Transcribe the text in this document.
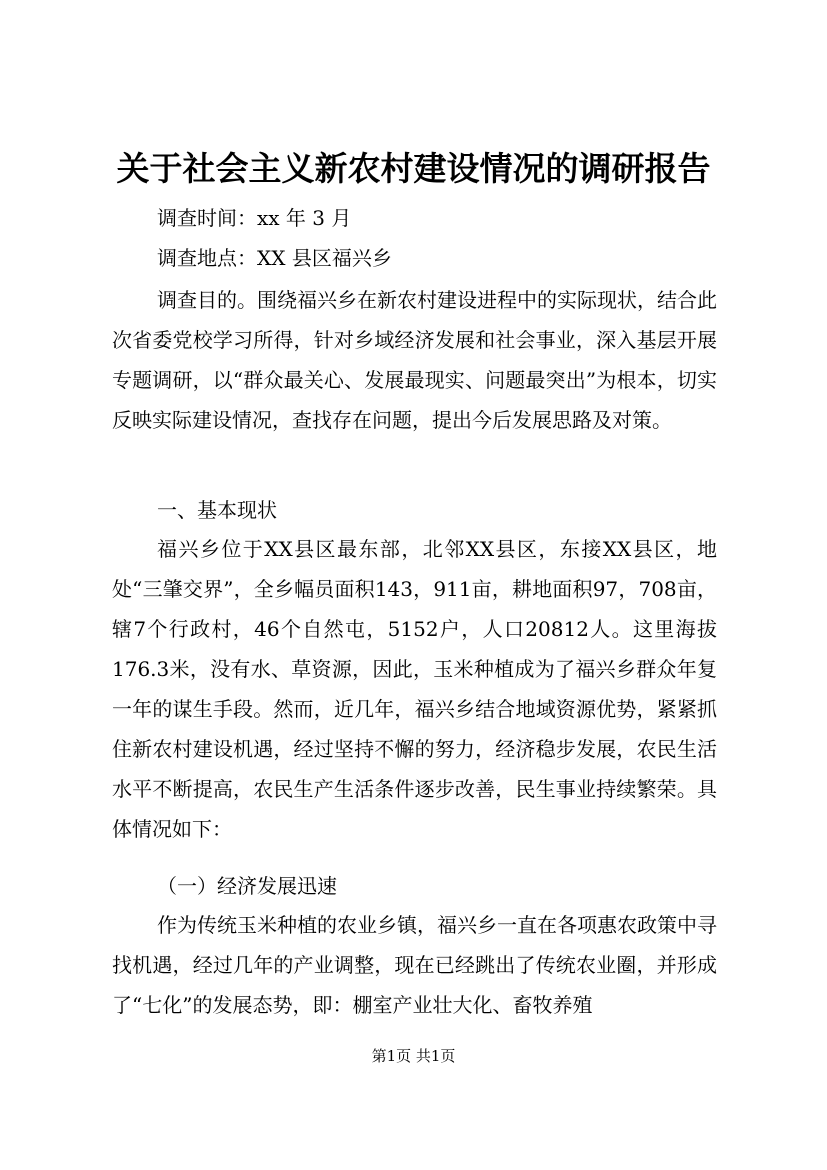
关于社会主义新农村建设情况的调研报告
调查时间：xx 年 3 月
调查地点：XX 县区福兴乡
调查目的。围绕福兴乡在新农村建设进程中的实际现状，结合此次省委党校学习所得，针对乡域经济发展和社会事业，深入基层开展专题调研，以“群众最关心、发展最现实、问题最突出”为根本，切实反映实际建设情况，查找存在问题，提出今后发展思路及对策。
一、基本现状
福兴乡位于XX县区最东部，北邻XX县区，东接XX县区，地处“三肇交界”，全乡幅员面积143，911亩，耕地面积97，708亩，辖7个行政村，46个自然屯，5152户，人口20812人。这里海拔176.3米，没有水、草资源，因此，玉米种植成为了福兴乡群众年复一年的谋生手段。然而，近几年，福兴乡结合地域资源优势，紧紧抓住新农村建设机遇，经过坚持不懈的努力，经济稳步发展，农民生活水平不断提高，农民生产生活条件逐步改善，民生事业持续繁荣。具体情况如下：
（一）经济发展迅速
作为传统玉米种植的农业乡镇，福兴乡一直在各项惠农政策中寻找机遇，经过几年的产业调整，现在已经跳出了传统农业圈，并形成了“七化”的发展态势，即：棚室产业壮大化、畜牧养殖
第1页 共1页
